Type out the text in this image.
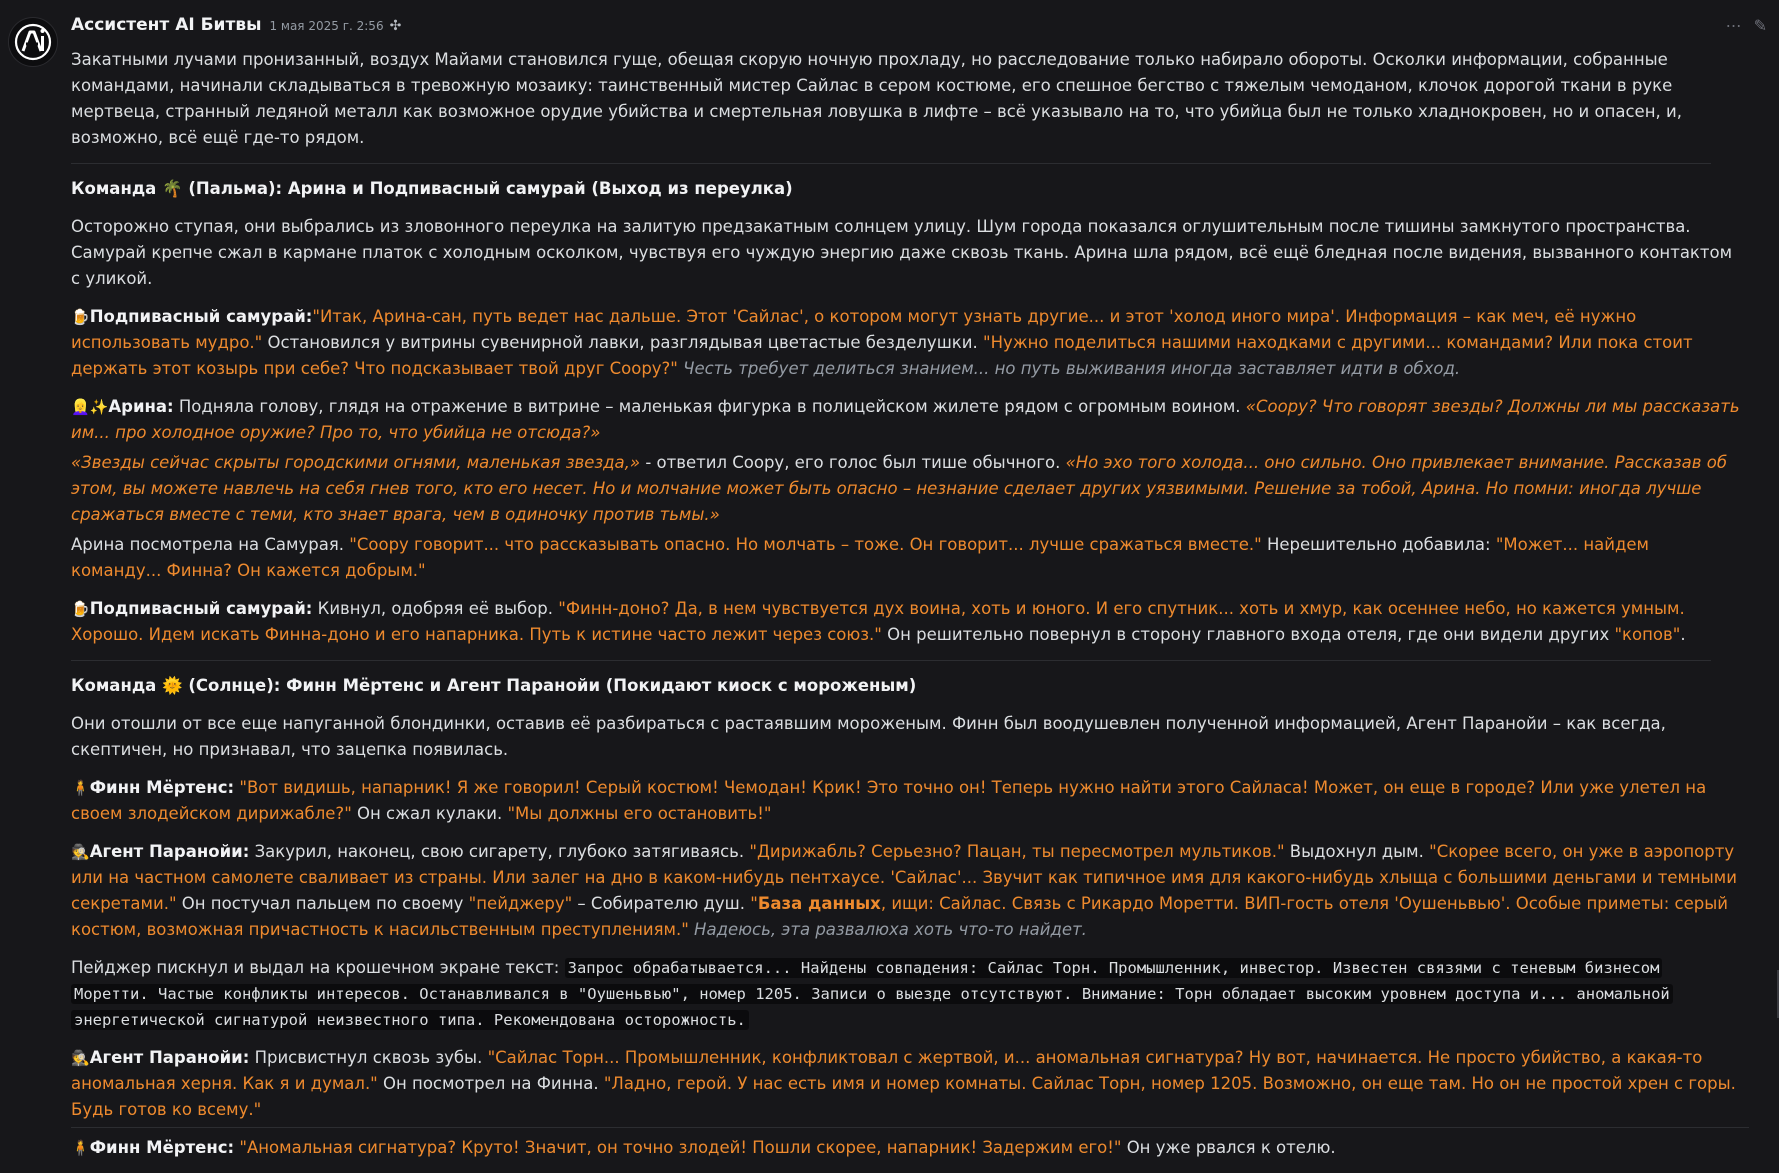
Ассистент AI Битвы 1 мая 2025 г. 2:56 ✣	⋯ ✎

Закатными лучами пронизанный, воздух Майами становился гуще, обещая скорую ночную прохладу, но расследование только набирало обороты. Осколки информации, собранные командами, начинали складываться в тревожную мозаику: таинственный мистер Сайлас в сером костюме, его спешное бегство с тяжелым чемоданом, клочок дорогой ткани в руке мертвеца, странный ледяной металл как возможное орудие убийства и смертельная ловушка в лифте – всё указывало на то, что убийца был не только хладнокровен, но и опасен, и, возможно, всё ещё где-то рядом.

Команда 🌴 (Пальма): Арина и Подпивасный самурай (Выход из переулка)

Осторожно ступая, они выбрались из зловонного переулка на залитую предзакатным солнцем улицу. Шум города показался оглушительным после тишины замкнутого пространства. Самурай крепче сжал в кармане платок с холодным осколком, чувствуя его чуждую энергию даже сквозь ткань. Арина шла рядом, всё ещё бледная после видения, вызванного контактом с уликой.

🍺Подпивасный самурай:"Итак, Арина-сан, путь ведет нас дальше. Этот 'Сайлас', о котором могут узнать другие... и этот 'холод иного мира'. Информация – как меч, её нужно использовать мудро." Остановился у витрины сувенирной лавки, разглядывая цветастые безделушки. "Нужно поделиться нашими находками с другими... командами? Или пока стоит держать этот козырь при себе? Что подсказывает твой друг Соору?" Честь требует делиться знанием... но путь выживания иногда заставляет идти в обход.

👱‍♀️✨Арина: Подняла голову, глядя на отражение в витрине – маленькая фигурка в полицейском жилете рядом с огромным воином. «Соору? Что говорят звезды? Должны ли мы рассказать им... про холодное оружие? Про то, что убийца не отсюда?»

«Звезды сейчас скрыты городскими огнями, маленькая звезда,» - ответил Соору, его голос был тише обычного. «Но эхо того холода... оно сильно. Оно привлекает внимание. Рассказав об этом, вы можете навлечь на себя гнев того, кто его несет. Но и молчание может быть опасно – незнание сделает других уязвимыми. Решение за тобой, Арина. Но помни: иногда лучше сражаться вместе с теми, кто знает врага, чем в одиночку против тьмы.»

Арина посмотрела на Самурая. "Соору говорит... что рассказывать опасно. Но молчать – тоже. Он говорит... лучше сражаться вместе." Нерешительно добавила: "Может... найдем команду... Финна? Он кажется добрым."

🍺Подпивасный самурай: Кивнул, одобряя её выбор. "Финн-доно? Да, в нем чувствуется дух воина, хоть и юного. И его спутник... хоть и хмур, как осеннее небо, но кажется умным. Хорошо. Идем искать Финна-доно и его напарника. Путь к истине часто лежит через союз." Он решительно повернул в сторону главного входа отеля, где они видели других "копов".

Команда 🌞 (Солнце): Финн Мёртенс и Агент Паранойи (Покидают киоск с мороженым)

Они отошли от все еще напуганной блондинки, оставив её разбираться с растаявшим мороженым. Финн был воодушевлен полученной информацией, Агент Паранойи – как всегда, скептичен, но признавал, что зацепка появилась.

🧍Финн Мёртенс: "Вот видишь, напарник! Я же говорил! Серый костюм! Чемодан! Крик! Это точно он! Теперь нужно найти этого Сайласа! Может, он еще в городе? Или уже улетел на своем злодейском дирижабле?" Он сжал кулаки. "Мы должны его остановить!"

🕵️Агент Паранойи: Закурил, наконец, свою сигарету, глубоко затягиваясь. "Дирижабль? Серьезно? Пацан, ты пересмотрел мультиков." Выдохнул дым. "Скорее всего, он уже в аэропорту или на частном самолете сваливает из страны. Или залег на дно в каком-нибудь пентхаусе. 'Сайлас'... Звучит как типичное имя для какого-нибудь хлыща с большими деньгами и темными секретами." Он постучал пальцем по своему "пейджеру" – Собирателю душ. "База данных, ищи: Сайлас. Связь с Рикардо Моретти. ВИП-гость отеля 'Оушеньвью'. Особые приметы: серый костюм, возможная причастность к насильственным преступлениям." Надеюсь, эта развалюха хоть что-то найдет.

Пейджер пискнул и выдал на крошечном экране текст: Запрос обрабатывается... Найдены совпадения: Сайлас Торн. Промышленник, инвестор. Известен связями с теневым бизнесом Моретти. Частые конфликты интересов. Останавливался в "Оушеньвью", номер 1205. Записи о выезде отсутствуют. Внимание: Торн обладает высоким уровнем доступа и... аномальной энергетической сигнатурой неизвестного типа. Рекомендована осторожность.

🕵️Агент Паранойи: Присвистнул сквозь зубы. "Сайлас Торн... Промышленник, конфликтовал с жертвой, и... аномальная сигнатура? Ну вот, начинается. Не просто убийство, а какая-то аномальная херня. Как я и думал." Он посмотрел на Финна. "Ладно, герой. У нас есть имя и номер комнаты. Сайлас Торн, номер 1205. Возможно, он еще там. Но он не простой хрен с горы. Будь готов ко всему."

🧍Финн Мёртенс: "Аномальная сигнатура? Круто! Значит, он точно злодей! Пошли скорее, напарник! Задержим его!" Он уже рвался к отелю.
